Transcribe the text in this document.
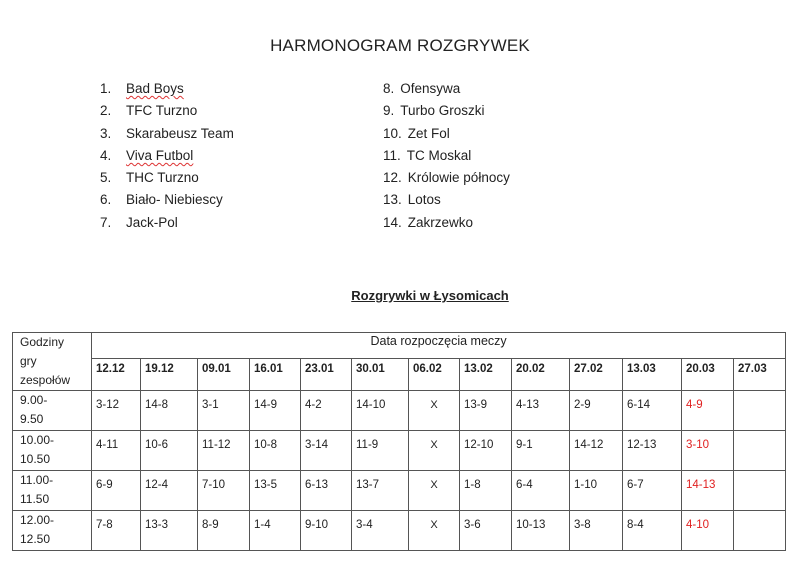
HARMONOGRAM ROZGRYWEK
1. Bad Boys
2. TFC Turzno
3. Skarabeusz Team
4. Viva Futbol
5. THC Turzno
6. Biało- Niebiescy
7. Jack-Pol
8. Ofensywa
9. Turbo Groszki
10. Zet Fol
11. TC Moskal
12. Królowie północy
13. Lotos
14. Zakrzewko
Rozgrywki w Łysomicach
Godziny
gry
zespołów	Data rozpoczęcia meczy												
	12.12	19.12	09.01	16.01	23.01	30.01	06.02	13.02	20.02	27.02	13.03	20.03	27.03

9.00-
9.50	3-12	14-8	3-1	14-9	4-2	14-10	X	13-9	4-13	2-9	6-14	4-9	

10.00-
10.50	4-11	10-6	11-12	10-8	3-14	11-9	X	12-10	9-1	14-12	12-13	3-10	

11.00-
11.50	6-9	12-4	7-10	13-5	6-13	13-7	X	1-8	6-4	1-10	6-7	14-13	

12.00-
12.50	7-8	13-3	8-9	1-4	9-10	3-4	X	3-6	10-13	3-8	8-4	4-10	
